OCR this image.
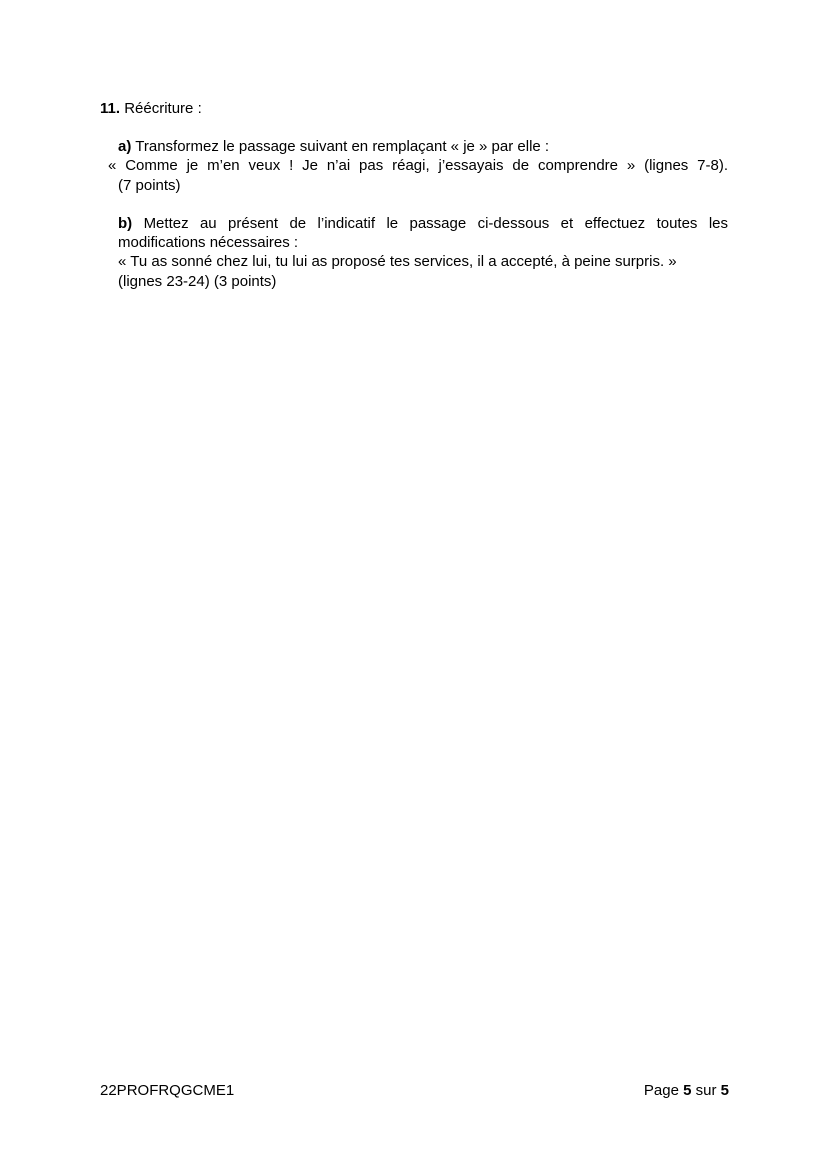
11. Réécriture :
a) Transformez le passage suivant en remplaçant « je » par elle :
« Comme je m’en veux ! Je n’ai pas réagi, j’essayais de comprendre » (lignes 7-8).
(7 points)
b) Mettez au présent de l’indicatif le passage ci-dessous et effectuez toutes les
modifications nécessaires :
« Tu as sonné chez lui, tu lui as proposé tes services, il a accepté, à peine surpris. »
(lignes 23-24) (3 points)
22PROFRQGCME1	Page 5 sur 5
